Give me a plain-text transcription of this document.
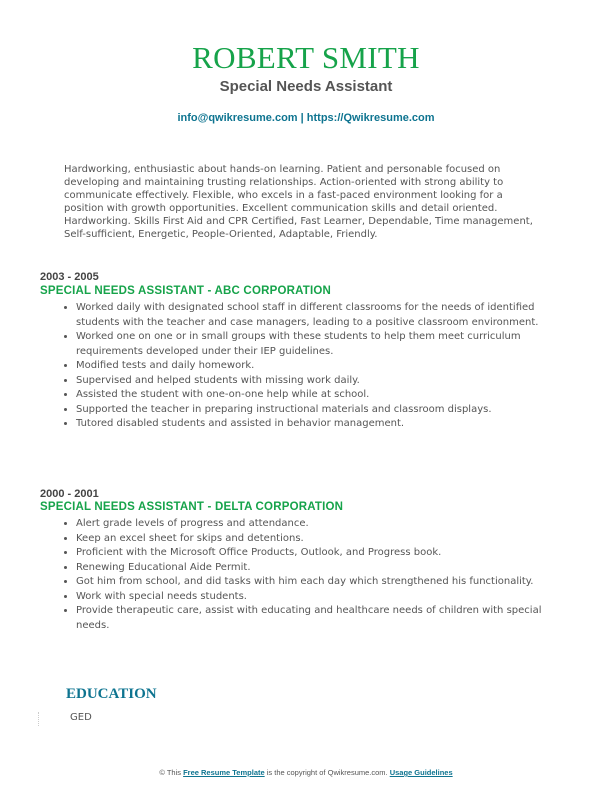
ROBERT SMITH
Special Needs Assistant
info@qwikresume.com | https://Qwikresume.com
Hardworking, enthusiastic about hands-on learning. Patient and personable focused on developing and maintaining trusting relationships. Action-oriented with strong ability to communicate effectively. Flexible, who excels in a fast-paced environment looking for a position with growth opportunities. Excellent communication skills and detail oriented. Hardworking. Skills First Aid and CPR Certified, Fast Learner, Dependable, Time management, Self-sufficient, Energetic, People-Oriented, Adaptable, Friendly.
2003 - 2005
SPECIAL NEEDS ASSISTANT - ABC CORPORATION
• Worked daily with designated school staff in different classrooms for the needs of identified students with the teacher and case managers, leading to a positive classroom environment.
• Worked one on one or in small groups with these students to help them meet curriculum requirements developed under their IEP guidelines.
• Modified tests and daily homework.
• Supervised and helped students with missing work daily.
• Assisted the student with one-on-one help while at school.
• Supported the teacher in preparing instructional materials and classroom displays.
• Tutored disabled students and assisted in behavior management.
2000 - 2001
SPECIAL NEEDS ASSISTANT - DELTA CORPORATION
• Alert grade levels of progress and attendance.
• Keep an excel sheet for skips and detentions.
• Proficient with the Microsoft Office Products, Outlook, and Progress book.
• Renewing Educational Aide Permit.
• Got him from school, and did tasks with him each day which strengthened his functionality.
• Work with special needs students.
• Provide therapeutic care, assist with educating and healthcare needs of children with special needs.
EDUCATION
GED
© This Free Resume Template is the copyright of Qwikresume.com. Usage Guidelines
